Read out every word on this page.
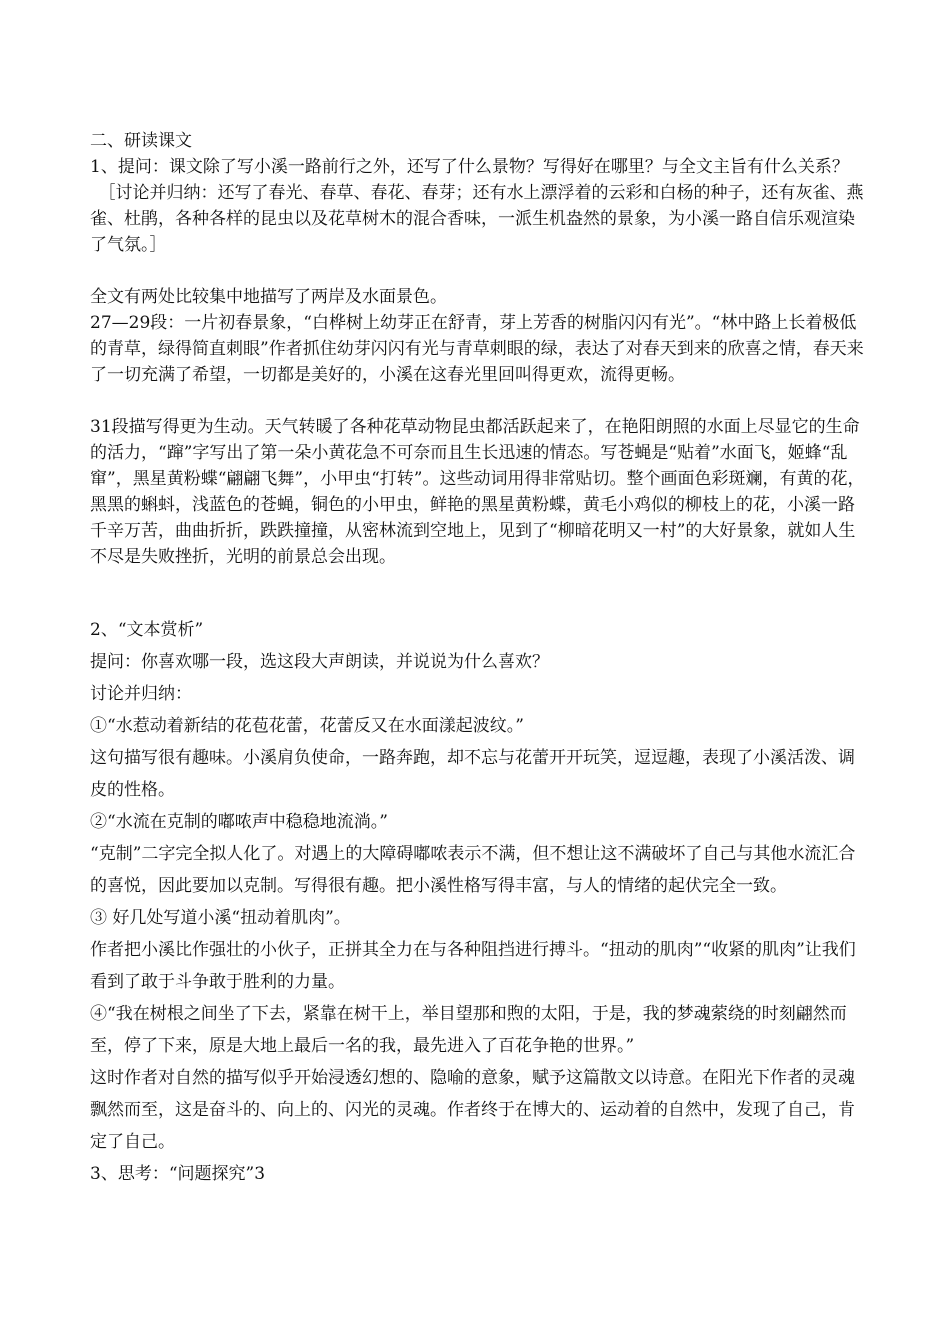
二、研读课文

1、提问：课文除了写小溪一路前行之外，还写了什么景物？写得好在哪里？与全文主旨有什么关系？

［讨论并归纳：还写了春光、春草、春花、春芽；还有水上漂浮着的云彩和白杨的种子，还有灰雀、燕雀、杜鹃，各种各样的昆虫以及花草树木的混合香味，一派生机盎然的景象，为小溪一路自信乐观渲染了气氛。］

全文有两处比较集中地描写了两岸及水面景色。

27—29段：一片初春景象，“白桦树上幼芽正在舒青，芽上芳香的树脂闪闪有光”。“林中路上长着极低的青草，绿得简直刺眼”作者抓住幼芽闪闪有光与青草刺眼的绿，表达了对春天到来的欣喜之情，春天来了一切充满了希望，一切都是美好的，小溪在这春光里回叫得更欢，流得更畅。

31段描写得更为生动。天气转暖了各种花草动物昆虫都活跃起来了，在艳阳朗照的水面上尽显它的生命的活力，“蹿”字写出了第一朵小黄花急不可奈而且生长迅速的情态。写苍蝇是“贴着”水面飞，姬蜂“乱窜”，黑星黄粉蝶“翩翩飞舞”，小甲虫“打转”。这些动词用得非常贴切。整个画面色彩斑斓，有黄的花，黑黑的蝌蚪，浅蓝色的苍蝇，铜色的小甲虫，鲜艳的黑星黄粉蝶，黄毛小鸡似的柳枝上的花，小溪一路千辛万苦，曲曲折折，跌跌撞撞，从密林流到空地上，见到了“柳暗花明又一村”的大好景象，就如人生不尽是失败挫折，光明的前景总会出现。

2、“文本赏析”

提问：你喜欢哪一段，选这段大声朗读，并说说为什么喜欢？

讨论并归纳：

①“水惹动着新结的花苞花蕾，花蕾反又在水面漾起波纹。”

这句描写很有趣味。小溪肩负使命，一路奔跑，却不忘与花蕾开开玩笑，逗逗趣，表现了小溪活泼、调皮的性格。

②“水流在克制的嘟哝声中稳稳地流淌。”

“克制”二字完全拟人化了。对遇上的大障碍嘟哝表示不满，但不想让这不满破坏了自己与其他水流汇合的喜悦，因此要加以克制。写得很有趣。把小溪性格写得丰富，与人的情绪的起伏完全一致。

③ 好几处写道小溪“扭动着肌肉”。

作者把小溪比作强壮的小伙子，正拼其全力在与各种阻挡进行搏斗。“扭动的肌肉”“收紧的肌肉”让我们看到了敢于斗争敢于胜利的力量。

④“我在树根之间坐了下去，紧靠在树干上，举目望那和煦的太阳，于是，我的梦魂萦绕的时刻翩然而至，停了下来，原是大地上最后一名的我，最先进入了百花争艳的世界。”

这时作者对自然的描写似乎开始浸透幻想的、隐喻的意象，赋予这篇散文以诗意。在阳光下作者的灵魂飘然而至，这是奋斗的、向上的、闪光的灵魂。作者终于在博大的、运动着的自然中，发现了自己，肯定了自己。

3、思考：“问题探究”3
